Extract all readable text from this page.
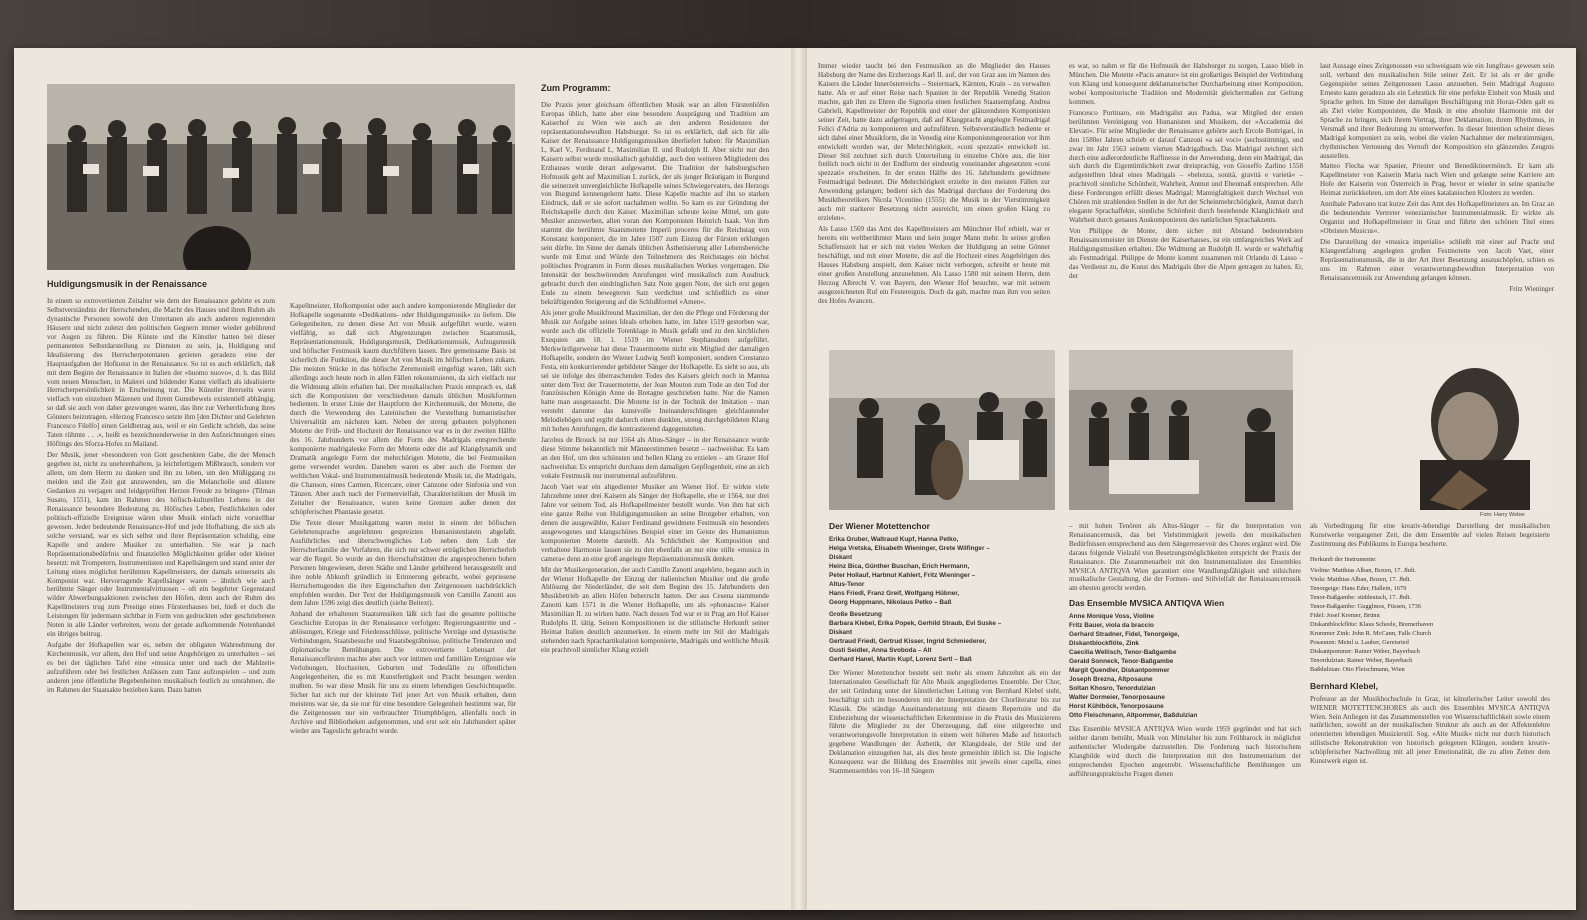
Huldigungsmusik in der Renaissance

In einem so extrovertierten Zeitalter wie dem der Renaissance gehörte es zum Selbstverständnis der Herrschenden, die Macht des Hauses und ihren Ruhm als dynastische Personen sowohl den Untertanen als auch anderen regierenden Häusern und nicht zuletzt den politischen Gegnern immer wieder gebührend vor Augen zu führen. Die Künste und die Künstler hatten bei dieser permanenten Selbstdarstellung zu Diensten zu sein, ja, Huldigung und Idealisierung des Herrscherpotentaten gerieten geradezu eine der Hauptaufgaben der Hofkunst in der Renaissance. So ist es auch erklärlich, daß mit dem Beginn der Renaissance in Italien der »huomo nuovo«, d. h. das Bild vom neuen Menschen, in Malerei und bildender Kunst vielfach als idealisierte Herrscherpersönlichkeit in Erscheinung trat. Die Künstler ihrerseits waren vielfach von einzelnen Mäzenen und ihrem Gunstbeweis existentiell abhängig, so daß sie auch von daher gezwungen waren, das ihre zur Verherrlichung ihres Gönners beizutragen. »Herzog Francesco setzte ihm [den Dichter und Gelehrten Francesco Filelfo] einen Geldbetrag aus, weil er ein Gedicht schrieb, das seine Taten rühmte . . .«, heißt es bezeichnenderweise in den Aufzeichnungen eines Höflings des Sforza-Hofes zu Mailand.

Der Musik, jener »besonderen von Gott geschenkten Gabe, die der Mensch gegeben ist, nicht zu unehrenhaftem, ja leichtfertigem Mißbrauch, sondern vor allem, um dem Herrn zu danken und ihn zu loben, um den Müßiggang zu meiden und die Zeit gut anzuwenden, um die Melancholie und düstere Gedanken zu verjagen und leidgeprüften Herzen Freude zu bringen« (Tilman Susato, 1551), kam im Rahmen des höfisch-kulturellen Lebens in der Renaissance besondere Bedeutung zu. Höfisches Leben, Festlichkeiten oder politisch-offizielle Ereignisse wären ohne Musik einfach nicht vorstellbar gewesen. Jeder bedeutende Renaissance-Hof und jede Hofhaltung, die sich als solche verstand, war es sich selbst und ihrer Repräsentation schuldig, eine Kapelle und andere Musiker zu unterhalten. Sie war ja nach Repräsentationsbedürfnis und finanziellen Möglichkeiten größer oder kleiner besetzt: mit Trompetern, Instrumentisten und Kapellsängern und stand unter der Leitung eines möglichst berühmten Kapellmeisters, der damals seinerseits als Komponist war. Hervorragende Kapellsänger waren – ähnlich wie auch berühmte Sänger oder Instrumentalvirtuosen – oft ein begehrter Gegenstand wilder Abwerbungsaktionen zwischen den Höfen, denn auch der Ruhm des Kapellmeisters trug zum Prestige eines Fürstenhauses bei, hieß er doch die Leistungen für jedermann sichtbar in Form von gedruckten oder geschriebenen Noten in alle Länder verbreiten, wozu der gerade aufkommende Notenhandel ein übriges beitrug.

Aufgabe der Hofkapellen war es, neben der obligaten Wahrnehmung der Kirchenmusik, vor allem, den Hof und seine Angehörigen zu unterhalten – sei es bei der täglichen Tafel eine »musica unter und nach der Mahlzeit« aufzuführen oder bei festlichen Anlässen zum Tanz aufzuspielen – und zum anderen jene öffentliche Begebenheiten musikalisch festlich zu umrahmen, die im Rahmen der Staatsakte beziehen kann. Dazu hatten

Kapellmeister, Hofkomponist oder auch andere komponierende Mitglieder der Hofkapelle sogenannte »Dedikations- oder Huldigungsmusik« zu liefern. Die Gelegenheiten, zu denen diese Art von Musik aufgeführt wurde, waren vielfältig, so daß sich Abgrenzungen zwischen Staatsmusik, Repräsentationsmusik, Huldigungsmusik, Dedikationsmusik, Aufzugsmusik und höfischer Festmusik kaum durchführen lassen. Ihre gemeinsame Basis ist sicherlich die Funktion, die dieser Art von Musik im höfischen Leben zukam. Die meisten Stücke in das höfische Zeremoniell eingefügt waren, läßt sich allerdings auch heute noch in allen Fällen rekonstruieren, da sich vielfach nur die Widmung allein erhalten hat. Der musikalischen Praxis entsprach es, daß sich die Komponisten der verschiedenen damals üblichen Musikformen bedienten. In erster Linie der Hauptform der Kirchenmusik, der Motette, die durch die Verwendung des Lateinischen der Vorstellung humanistischer Universalität am nächsten kam. Neben der streng gebauten polyphonen Motette der Früh- und Hochzeit der Renaissance war es in der zweiten Hälfte des 16. Jahrhunderts vor allem die Form des Madrigals entsprechende komponierte madrigaleske Form der Motette oder die auf Klangdynamik und Dramatik angelegte Form der mehrchörigen Motette, die bei Festmusiken gerne verwendet wurden. Daneben waren es aber auch die Formen der weltlichen Vokal- und Instrumentalmusik bedeutende Musik ist, die Madrigals, die Chanson, eines Carmen, Ricercare, einer Canzone oder Sinfonia und von Tänzen. Aber auch nach der Formenvielfalt, Charakteristikum der Musik im Zeitalter der Renaissance, waren keine Grenzen außer denen der schöpferischen Phantasie gesetzt.

Die Texte dieser Musikgattung waren meist in einem der höfischen Gelehrtensprache angelehnten gespreizten Humanistenlatein abgefaßt. Ausführliches und überschwengliches Lob neben dem Lob der Herrscherfamilie der Vorfahren, die sich nur schwer erträglichen Herrscherlob war die Regel. So wurde an den Herrschaftstätten die angesprochenen hohen Personen hingewiesen, deren Städte und Länder gebührend herausgestellt und ihre noble Abkunft gründlich in Erinnerung gebracht, wobei gepriesene Herrschertugenden die ihre Eigenschaften den Zeitgenossen nachdrücklich empfohlen wurden. Der Text der Huldigungsmusik von Camillo Zanotti aus dem Jahre 1596 zeigt dies deutlich (siehe Beitext).

Anhand der erhaltenen Staatsmusiken läßt sich fast die gesamte politische Geschichte Europas in der Renaissance verfolgen: Regierungsantritte und -ablösungen, Kriege und Friedensschlüsse, politische Verträge und dynastische Verbindungen, Staatsbesuche und Staatsbegräbnisse, politische Tendenzen und diplomatische Bemühungen. Die extrovertierte Lebensart der Renaissancefürsten machte aber auch vor intimen und familiäre Ereignisse wie Verlobungen, Hochzeiten, Geburten und Todesfälle zu öffentlichen Angelegenheiten, die es mit Kunstfertigkeit und Pracht besungen werden mußten. So war diese Musik für uns zu einem lebendigen Geschichtsquelle. Sicher hat sich nur der kleinste Teil jener Art von Musik erhalten, denn meistens war sie, da sie nur für eine besondere Gelegenheit bestimmt war, für die Zeitgenossen nur ein verbrauchter Triumphbögen, allenfalls noch in Archive und Bibliotheken aufgenommen, und erst seit ein Jahrhundert später wieder ans Tageslicht gebracht wurde.

Zum Programm:

Die Praxis jener gleichsam öffentlichen Musik war an allen Fürstenhöfen Europas üblich, hatte aber eine besondere Ausprägung und Tradition am Kaiserhof zu Wien wie auch an den anderen Residenzen der repräsentationsbewußten Habsburger. So ist es erklärlich, daß sich für alle Kaiser der Renaissance Huldigungsmusiken überliefert haben: für Maximilian I., Karl V., Ferdinand I., Maximilian II. und Rudolph II. Aber nicht nur den Kaisern selbst wurde musikalisch gehuldigt, auch den weiteren Mitgliedern des Erzhauses wurde derart aufgewartet. Die Tradition der habsburgischen Hofmusik geht auf Maximilian I. zurück, der als junger Bräutigam in Burgund die seinerzeit unvergleichliche Hofkapelle seines Schwiegervaters, des Herzogs von Burgund kennengelernt hatte. Diese Kapelle machte auf ihn so starken Eindruck, daß er sie sofort nachahmen wollte. So kam es zur Gründung der Reichskapelle durch den Kaiser. Maximilian scheute keine Mittel, um gute Musiker anzuwerben, allen voran den Komponisten Heinrich Isaak. Von ihm stammt die berühmte Staatsmotette Imperii proceres für die Reichstag von Konstanz komponiert, die im Jahre 1507 zum Einzug der Fürsten erklungen sein dürfte. Im Sinne der damals üblichen Ästhetisierung aller Lebensbereiche wurde mit Ernst und Würde den Teilnehmern des Reichstages ein höchst politisches Programm in Form dieses musikalischen Werkes vorgetragen. Die Intensität der beschwörenden Anrufungen wird musikalisch zum Ausdruck gebracht durch den eindringlichen Satz Note gegen Note, der sich erst gegen Ende zu einem bewegteren Satz verdichtet und schließlich zu einer bekräftigenden Steigerung auf die Schlußformel »Amen«.

Als jener große Musikfreund Maximilian, der den die Pflege und Förderung der Musik zur Aufgabe seines Ideals erhoben hatte, im Jahre 1519 gestorben war, wurde auch die offizielle Totenklage in Musik gefaßt und zu den kirchlichen Exequien am 18. 1. 1519 im Wiener Stephansdom aufgeführt. Merkwürdigerweise hat diese Trauermotette nicht ein Mitglied der damaligen Hofkapelle, sondern der Wiener Ludwig Senfl komponiert, sondern Constanzo Festa, ein konkurrierender gebildeter Sänger der Hofkapelle. Es sieht so aus, als sei sie infolge des überraschenden Todes des Kaisers gleich noch in Mantua unter dem Text der Trauermotette, der Jean Mouton zum Tode an den Tod der französischen Königin Anne de Bretagne geschrieben hatte. Nur die Namen hatte man ausgetauscht. Die Motette ist in der Technik der Imitation – man versteht darunter das kunstvolle Ineinanderschlingen gleichlautender Melodiebögen und ergibt dadurch einen dunklen, streng durchgebildeten Klang mit hohen Anrufungen, die kontrastierend dagegenstehen.

Jacobus de Brouck ist nur 1564 als Altus-Sänger – in der Renaissance wurde diese Stimme bekanntlich mit Männerstimmen besetzt – nachweisbar. Es kam an den Hof, um den schönsten und hellen Klang zu erzielen – am Grazer Hof nachweisbar. Es entspricht durchaus dem damaligen Gepflogenheit, eine an sich vokale Festmusik nur instrumental aufzuführen.

Jacob Vaet war ein altgedienter Musiker am Wiener Hof. Er wirkte viele Jahrzehnte unter drei Kaisern als Sänger der Hofkapelle, ehe er 1564, nur drei Jahre vor seinem Tod, als Hofkapellmeister bestellt wurde. Von ihm hat sich eine ganze Reihe von Huldigungsmusiken an seine Brotgeber erhalten, von denen die ausgewählte, Kaiser Ferdinand gewidmete Festmusik ein besonders ausgewogenes und klangschönes Beispiel einer im Geiste des Humanismus komponierten Motette darstellt. Als Schlichtheit der Komposition und verhaltene Harmonie lassen sie zu den ebenfalls an nur eine stille »musica in camera« denn an eine groß angelegte Repräsentationsmusik denken.

Mit der Musikergeneration, der auch Camillo Zanotti angehörte, begann auch in der Wiener Hofkapelle der Einzug der italienischen Musiker und die große Ablösung der Niederländer, die seit dem Beginn des 15. Jahrhunderts den Musikbetrieb an allen Höfen beherrscht hatten. Der aus Cesena stammende Zanotti kam 1571 in die Wiener Hofkapelle, um als »phonascus« Kaiser Maximilian II. zu wirken hatte. Nach dessen Tod war er in Prag am Hof Kaiser Rudolphs II. tätig. Seinen Kompositionen ist die stilistische Herkunft seiner Heimat Italien deutlich anzumerken. In einem mehr im Stil der Madrigals stehenden nach Sprachartikulation komponierte, Madrigals und weltliche Musik ein prachtvoll sinnlicher Klang erzielt

Immer wieder taucht bei den Festmusiken an die Mitglieder des Hauses Habsburg der Name des Erzherzogs Karl II. auf, der von Graz aus im Namen des Kaisers die Länder Innerösterreichs – Steiermark, Kärnten, Krain – zu verwalten hatte. Als er auf einer Reise nach Spanien in der Republik Venedig Station machte, gab ihm zu Ehren die Signoria einen festlichen Staatsempfang. Andrea Gabrieli, Kapellmeister der Republik und einer der glänzendsten Komponisten seiner Zeit, hatte dazu aufgetragen, daß auf Klangpracht angelegte Festmadrigal Felici d'Adria zu komponieren und aufzuführen. Selbstverständlich bediente er sich dabei einer Musikform, die in Venedig eine Komponistengeneration vor ihm entwickelt worden war, der Mehrchörigkeit, »coni spezzati« entwickelt ist. Dieser Stil zeichnet sich durch Unterteilung in einzelne Chöre aus, die hier freilich noch nicht in der Endform der eindeutig voneinander abgesetzten »coni spezzati« erscheinen. In der ersten Hälfte des 16. Jahrhunderts gewidmete Festmadrigal bedeutet. Die Mehrchörigkeit erzielte in den meisten Fällen zur Anwendung gelangen; bedient sich das Madrigal durchaus der Forderung des Musiktheoretikers Nicola Vicentino (1555): die Musik in der Vierstimmigkeit auch mit starkerer Besetzung nicht ausreicht, um einen großen Klang zu erzielen«.

Als Lasso 1569 das Amt des Kapellmeisters am Münchner Hof erhielt, war er bereits ein weltberühmter Mann und kein junger Mann mehr. In seiner großen Schaffenszeit hat er sich mit vielen Werken der Huldigung an seine Gönner beschäftigt, und mit einer Motette, die auf die Hochzeit eines Angehörigen des Hauses Habsburg anspielt, dem Kaiser nicht verborgen, schreibt er heute mit einer großen Anstellung anzunehmen. Als Lasso 1580 mit seinem Herrn, dem Herzog Albrecht V. von Bayern, den Wiener Hof besuchte, war mit seinem ausgezeichneten Ruf ein Festereignis. Doch da gab, machte man ihm von seiten des Hofes Avancen.

es war, so nahm er für die Hofmusik der Habsburger zu sorgen, Lasso blieb in München. Die Motette »Pacis amator« ist ein großartiges Beispiel der Verbindung von Klang und konsequent deklamatorischer Durcharbeitung einer Komposition, wobei kompositorische Tradition und Modernität gleichermaßen zur Geltung kommen.

Francesco Portinaro, ein Madrigalist aus Padua, war Mitglied der ersten berühmten Vereinigung von Humanisten und Musikern, der »Accademia dei Elevati«. Für seine Mitglieder der Renaissance gehörte auch Ercole Bottrigari, in den 1580er Jahren schrieb er darauf Canzoni »a sei voci« (sechsstimmig), und zwar im Jahr 1563 seinem vierten Madrigalbuch. Das Madrigal zeichnet sich durch eine außerordentliche Raffinesse in der Anwendung, denn ein Madrigal, das sich durch die Eigentümlichkeit zwar dreisprachig, von Gioseffo Zarlino 1558 aufgestellten Ideal eines Madrigals – »belezza, sonità, gravità e varietà« – prachtvoll sinnliche Schönheit, Wahrheit, Anmut und Ebenmaß entsprechen. Alle diese Forderungen erfüllt dieses Madrigal: Mannigfaltigkeit durch Wechsel von Chören mit strahlenden Stellen in der Art der Scheinmehrchörigkeit, Anmut durch elegante Sprachaffekte, sinnliche Schönheit durch bestehende Klanglichkeit und Wahrheit durch genaues Auskomponieren des natürlichen Sprachakzents.

Von Philippe de Monte, dem sicher mit Abstand bedeutendsten Renaissancemeister im Dienste der Kaiserhauses, ist ein umfangreiches Werk auf Huldigungsmusiken erhalten. Die Widmung an Rudolph II. wurde er wahrhaftig als Festmadrigal. Philippe de Monte kommt zusammen mit Orlando di Lasso – das Verdienst zu, die Kunst des Madrigals über die Alpen getragen zu haben. Er, der

laut Aussage eines Zeitgenossen »so schweigsam wie ein Jungfrau« gewesen sein soll, verband den musikalischen Stile seiner Zeit. Er ist als er der große Gegenspieler seines Zeitgenossen Lasso anzusehen. Sein Madrigal Augusto Ernesto kann geradezu als ein Lehrstück für eine perfekte Einheit von Musik und Sprache gelten. Im Sinne der damaligen Beschäftigung mit Horaz-Oden galt es als Ziel vieler Komponisten, die Musik in eine absolute Harmonie mit der Sprache zu bringen, sich ihrem Vortrag, ihrer Deklamation, ihrem Rhythmus, in Versmaß und ihrer Bedeutung zu unterwerfen. In dieser Intention scheint dieses Madrigal komponiert zu sein, wobei die vielen Nachahmer der mehrstimmigen, rhythmischen Vertonung des Vernuft der Komposition ein glänzendes Zeugnis ausstellen.

Matteo Flecha war Spanier, Priester und Benediktinermönch. Er kam als Kapellmeister von Kaiserin Maria nach Wien und gelangte seine Karriere am Hofe der Kaiserin von Österreich in Prag, bevor er wieder in seine spanische Heimat zurückkehren, um dort Abt eines katalanischen Klosters zu werden.

Annibale Padovano trat kurze Zeit das Amt des Hofkapellmeisters an. Im Graz an die bedeutendste Vertreter venezianischer Instrumentalmusik. Er wirkte als Organist und Hofkapellmeister in Graz und führte den schönen Titel eines »Obristen Musicus«.

Die Darstellung der »musica imperialis« schließt mit einer auf Pracht und Klangentfaltung angelegten großen Festmotette von Jacob Vaet, einer Repräsentationsmusik, die in der Art ihrer Besetzung auszuschöpfen, schien es uns im Rahmen einer verantwortungsbewußten Interpretation von Renaissancemusik zur Anwendung gelangen können.

Fritz Wieninger

Foto: Harry Weber
Der Wiener Motettenchor
Erika Gruber, Waltraud Kupf, Hanna Petko,
Helga Vretska, Elisabeth Wieninger, Grete Wilfinger –
Diskant
Heinz Bica, Günther Buschan, Erich Hermann,
Peter Hollauf, Hartmut Kahlert, Fritz Wieninger –
Altus-Tenor
Hans Friedl, Franz Greif, Wolfgang Hübner,
Georg Huppmann, Nikolaus Petko – Baß
Große Besetzung
Barbara Klebel, Erika Popek, Gerhild Straub, Evi Suske –
Diskant
Gertraud Friedl, Gertrud Kisser, Ingrid Schmiederer,
Gusti Seidler, Anna Svoboda – Alt
Gerhard Hanel, Martin Kupf, Lorenz Sertl – Baß

Der Wiener Motettenchor besteht seit mehr als einem Jahrzehnt als ein der Internationalen Gesellschaft für Alte Musik angegliedertes Ensemble. Der Chor, der seit Gründung unter der künstlerischen Leitung von Bernhard Klebel steht, beschäftigt sich im besonderen mit der Interpretation der Chorliteratur bis zur Klassik. Die ständige Auseinandersetzung mit diesem Repertoire und die Einbeziehung der wissenschaftlichen Erkenntnisse in die Praxis des Musizierens führte die Mitglieder zu der Überzeugung, daß eine stilgerechte und verantwortungsvolle Interpretation in einem weit höheren Maße auf historisch gegebene Wandlungen der Ästhetik, der Klangideale, der Stile und der Deklamation einzugehen hat, als dies heute gemeinhin üblich ist. Die logische Konsequenz war die Bildung des Ensembles mit jeweils einer capella, eines Stammensembles von 16–18 Sängern

– mit hohen Tenören als Altus-Sänger – für die Interpretation von Renaissancemusik, das bei Vielstimmigkeit jeweils den musikalischen Bedürfnissen entsprechend aus dem Sängerreservoir des Chores ergänzt wird. Die daraus folgende Vielzahl von Besetzungsmöglichkeiten entspricht der Praxis der Renaissance. Die Zusammenarbeit mit den Instrumentalisten des Ensembles MVSICA ANTIQVA Wien garantiert eine Wandlungsfähigkeit und stilsichere musikalische Gestaltung, die der Formen- und Stilvielfalt der Renaissancemusik am ehesten gerecht werden.

Das Ensemble MVSICA ANTIQVA Wien
Anne Monique Voss, Violine
Fritz Bauer, viola da braccio
Gerhard Stradner, Fidel, Tenorgeige,
Diskantblockflöte, Zink
Caecilia Wellisch, Tenor-Baßgambe
Gerald Sonneck, Tenor-Baßgambe
Margit Quendler, Diskantpommer
Joseph Brezna, Altposaune
Soltan Khosro, Tenordulzian
Walter Dormeier, Tenorposaune
Horst Kühlböck, Tenorposaune
Otto Fleischmann, Altpommer, Baßdulzian

Das Ensemble MVSICA ANTIQVA Wien wurde 1959 gegründet und hat sich seither darum bemüht, Musik von Mittelalter bis zum Frühbarock in möglichst authentischer Wiedergabe darzustellen. Die Forderung nach historischem Klangbilde wird durch die Interpretation mit den Instrumentarium der entsprechenden Epochen angestrebt. Wissenschaftliche Bemühungen um aufführungspraktische Fragen dienen

als Vorbedingung für eine kreativ-lebendige Darstellung der musikalischen Kunstwerke vergangener Zeit, die dem Ensemble auf vielen Reisen begeisterte Zustimmung des Publikums in Europa bescherte.

Herkunft der Instrumente:
Violine: Matthias Alban, Bozen, 17. Jhdt.
Viola: Matthias Alban, Bozen, 17. Jhdt.
Tenorgeige: Hans Eder, Hallein, 1679
Tenor-Baßgambe: süddeutsch, 17. Jhdt.
Tenor-Baßgambe: Gugglmos, Füssen, 1736
Fidel: Josef Kremer, Brünn
Diskantblockflöte: Klaus Scheele, Bremerhaven
Krummer Zink: John R. McCann, Falls Church
Posaunen: Meinl u. Lauber, Geretsried
Diskantpommer: Rainer Weber, Bayerbach
Tenordulzian: Rainer Weber, Bayerbach
Baßdulzian: Otto Fleischmann, Wien
Bernhard Klebel,

Professor an der Musikhochschule in Graz, ist künstlerischer Leiter sowohl des WIENER MOTETTENCHORES als auch des Ensembles MVSICA ANTIQVA Wien. Sein Anliegen ist das Zusammenstellen von Wissenschaftlichkeit sowie einem natürlichen, sowohl an der musikalischen Struktur als auch an der Affektenlehre orientierten lebendigen Musizierstil. Sog. »Alte Musik« nicht nur durch historisch stilistische Rekonstruktion von historisch gelegenen Klängen, sondern kreativ-schöpferischer Nachvollzug mit all jener Emotionalität, die zu allen Zeiten dem Kunstwerk eigen ist.
